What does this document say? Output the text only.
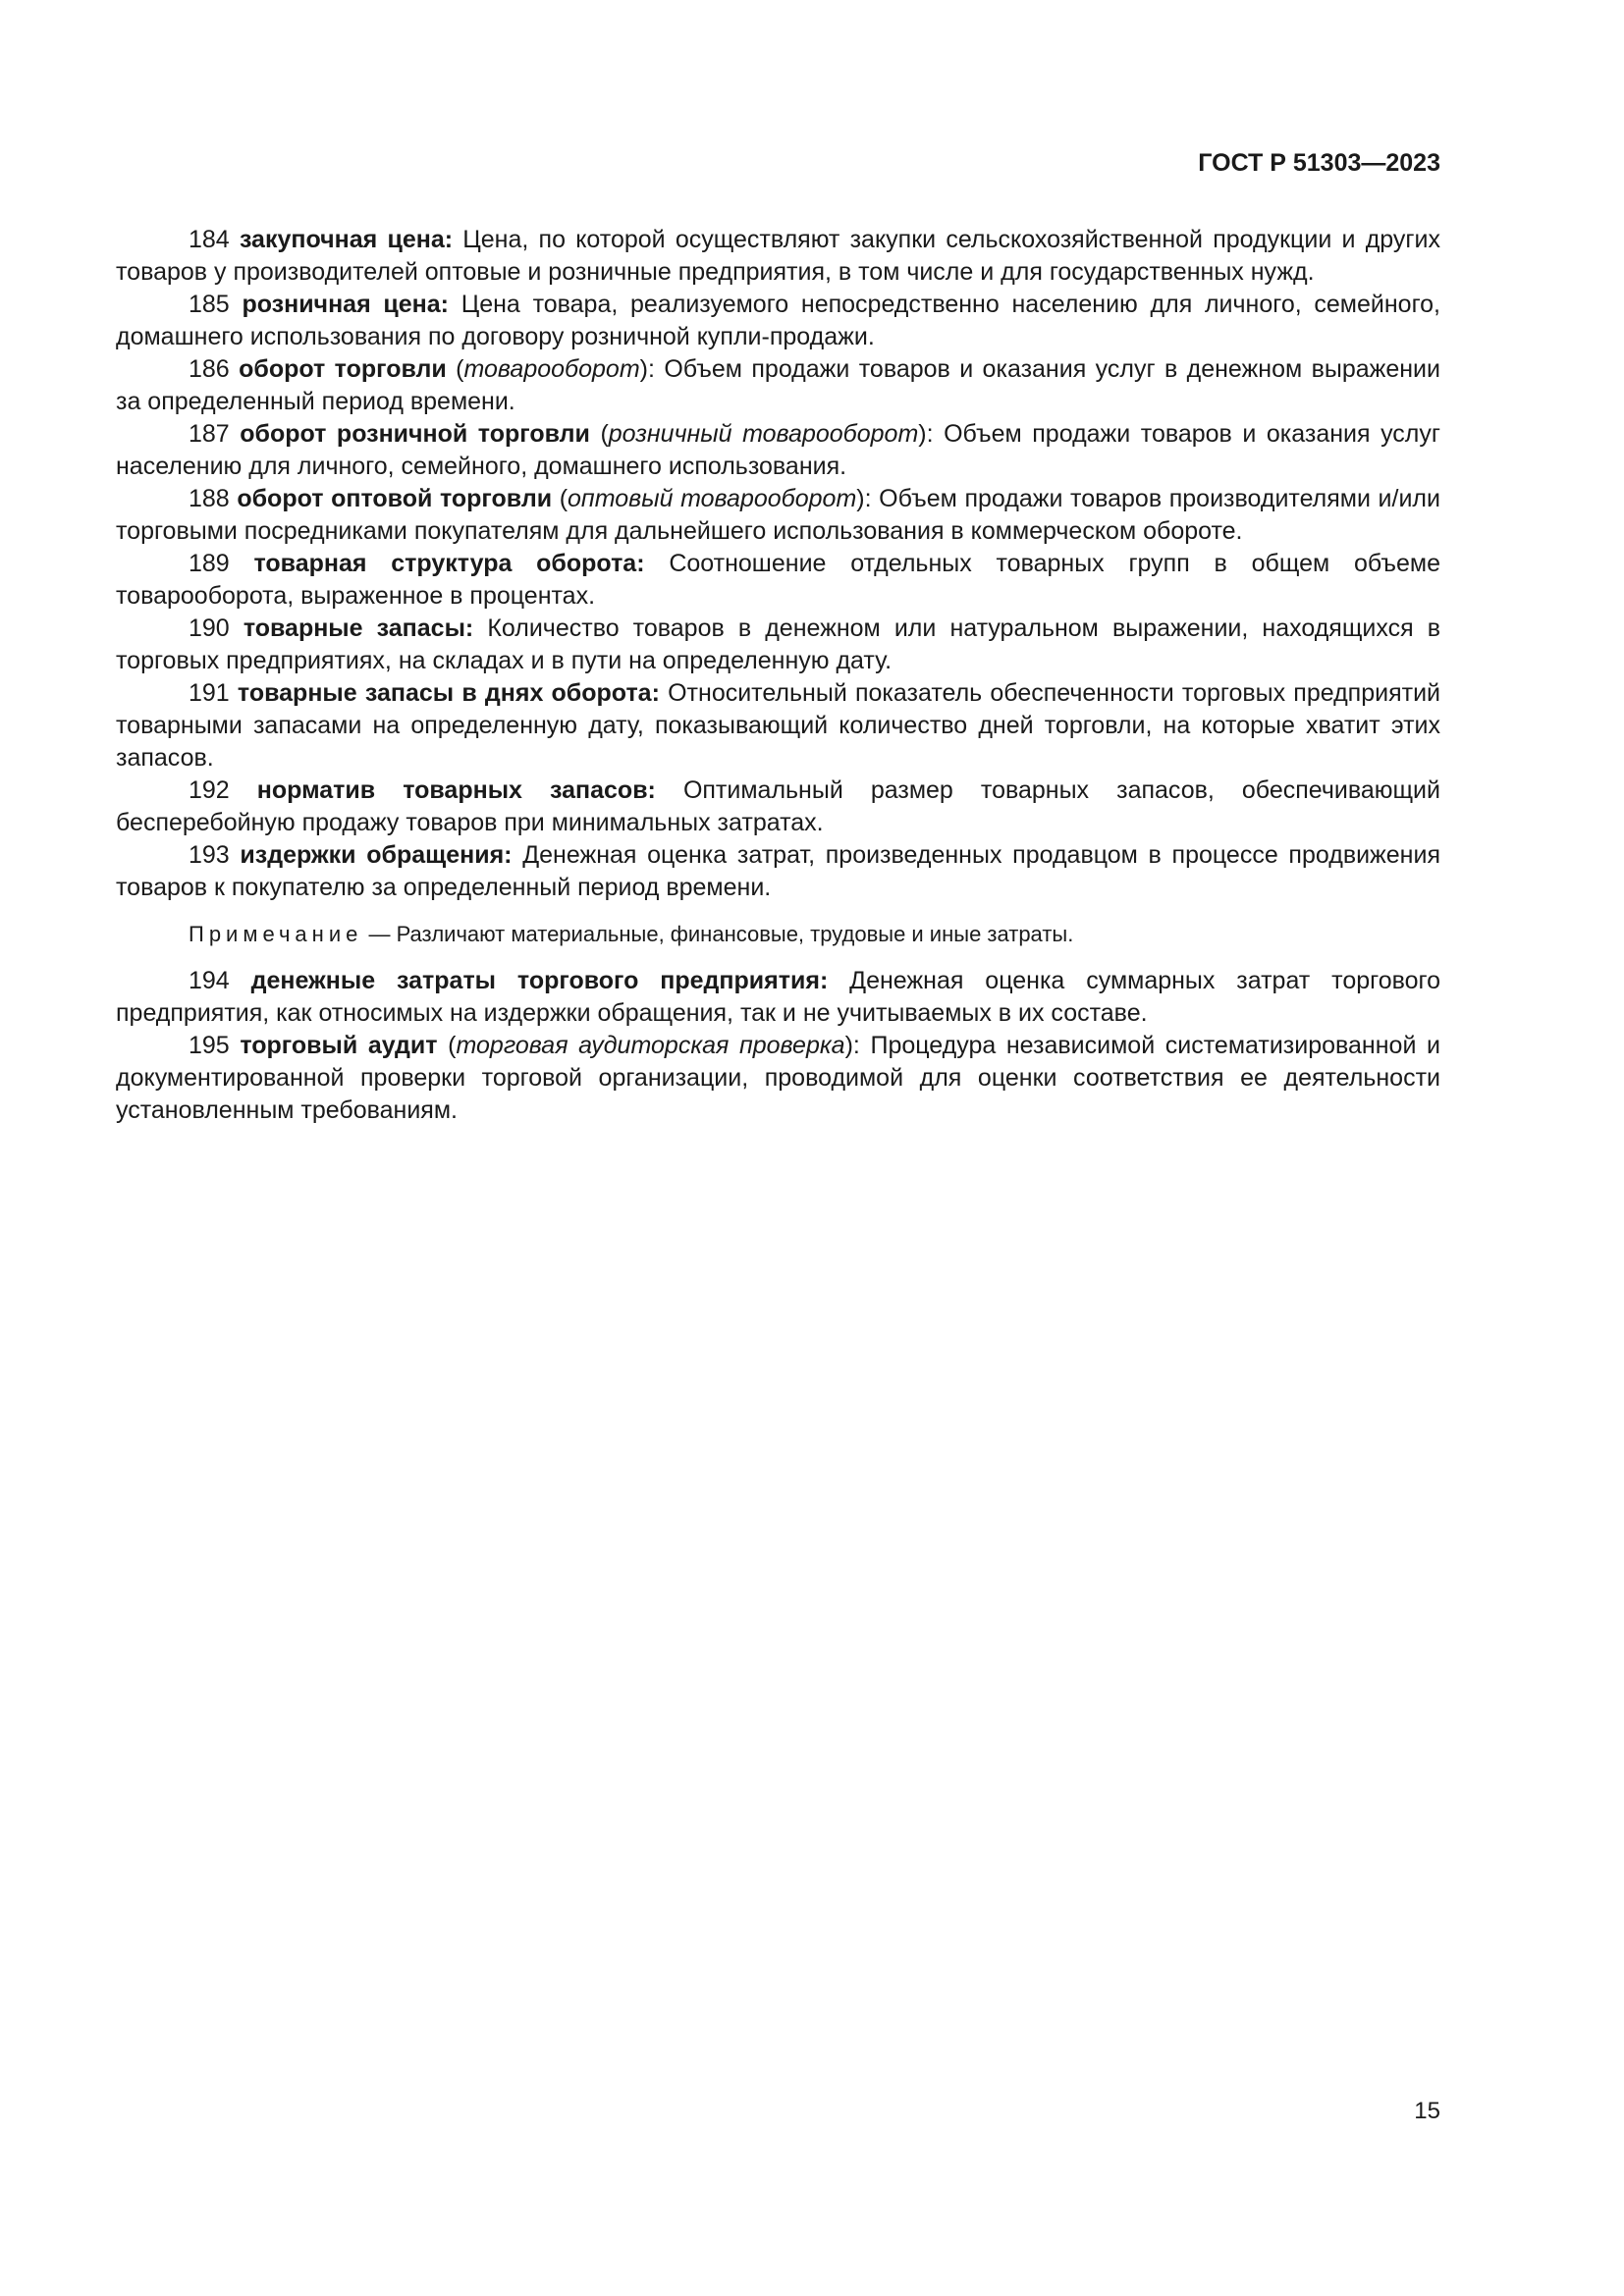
ГОСТ Р 51303—2023

184 закупочная цена: Цена, по которой осуществляют закупки сельскохозяйственной продукции и других товаров у производителей оптовые и розничные предприятия, в том числе и для государственных нужд.

185 розничная цена: Цена товара, реализуемого непосредственно населению для личного, семейного, домашнего использования по договору розничной купли-продажи.

186 оборот торговли (товарооборот): Объем продажи товаров и оказания услуг в денежном выражении за определенный период времени.

187 оборот розничной торговли (розничный товарооборот): Объем продажи товаров и оказания услуг населению для личного, семейного, домашнего использования.

188 оборот оптовой торговли (оптовый товарооборот): Объем продажи товаров производителями и/или торговыми посредниками покупателям для дальнейшего использования в коммерческом обороте.

189 товарная структура оборота: Соотношение отдельных товарных групп в общем объеме товарооборота, выраженное в процентах.

190 товарные запасы: Количество товаров в денежном или натуральном выражении, находящихся в торговых предприятиях, на складах и в пути на определенную дату.

191 товарные запасы в днях оборота: Относительный показатель обеспеченности торговых предприятий товарными запасами на определенную дату, показывающий количество дней торговли, на которые хватит этих запасов.

192 норматив товарных запасов: Оптимальный размер товарных запасов, обеспечивающий бесперебойную продажу товаров при минимальных затратах.

193 издержки обращения: Денежная оценка затрат, произведенных продавцом в процессе продвижения товаров к покупателю за определенный период времени.

Примечание — Различают материальные, финансовые, трудовые и иные затраты.

194 денежные затраты торгового предприятия: Денежная оценка суммарных затрат торгового предприятия, как относимых на издержки обращения, так и не учитываемых в их составе.

195 торговый аудит (торговая аудиторская проверка): Процедура независимой систематизированной и документированной проверки торговой организации, проводимой для оценки соответствия ее деятельности установленным требованиям.

15
